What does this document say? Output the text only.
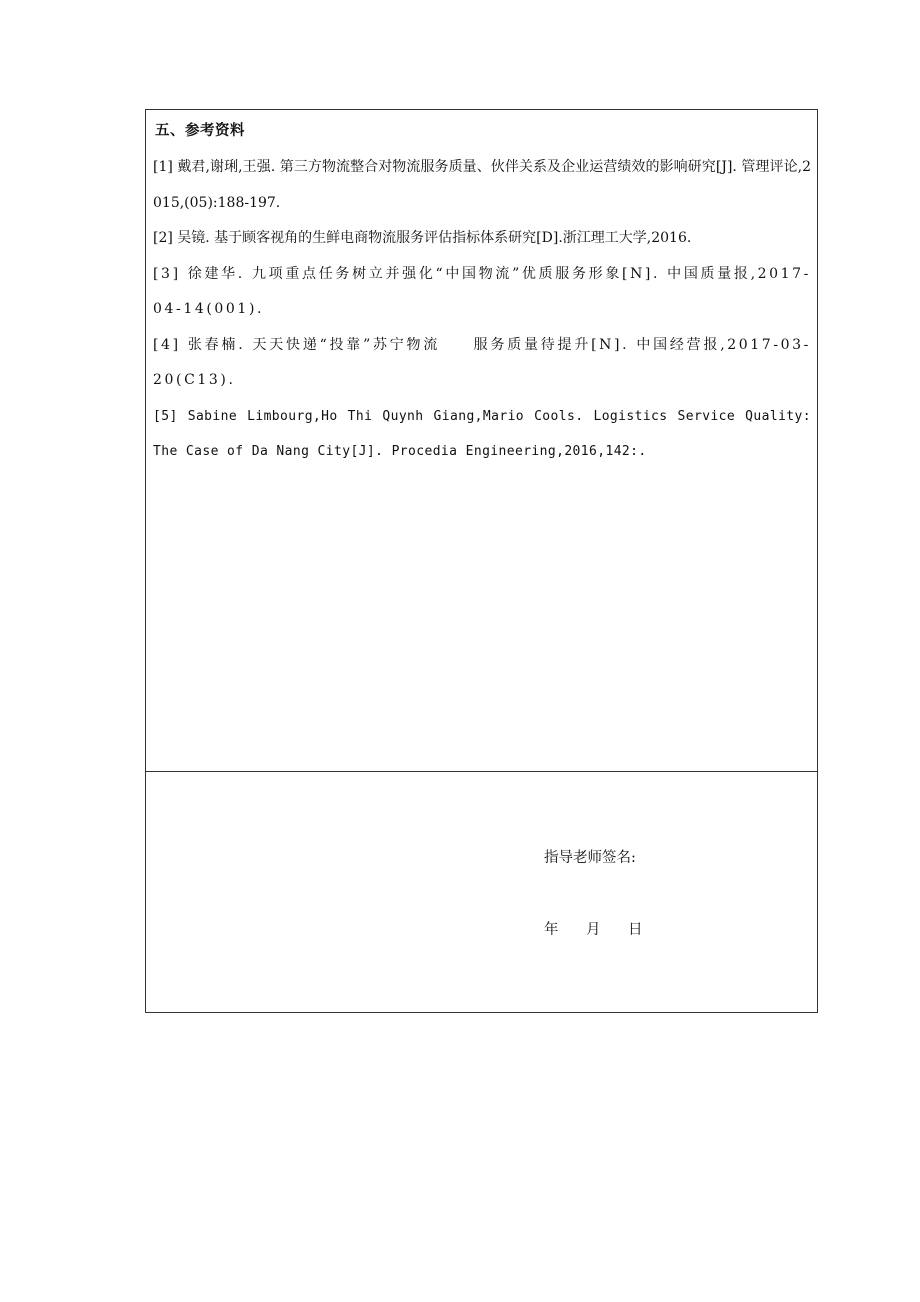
五、参考资料
[1] 戴君,谢琍,王强. 第三方物流整合对物流服务质量、伙伴关系及企业运营绩效的影响研究[J]. 管理评论,2015,(05):188-197.
[2] 吴镜. 基于顾客视角的生鲜电商物流服务评估指标体系研究[D].浙江理工大学,2016.
[3] 徐建华. 九项重点任务树立并强化“中国物流”优质服务形象[N]. 中国质量报,2017-04-14(001).
[4] 张春楠. 天天快递“投靠”苏宁物流　　服务质量待提升[N]. 中国经营报,2017-03-20(C13).
[5] Sabine Limbourg,Ho Thi Quynh Giang,Mario Cools. Logistics Service Quality: The Case of Da Nang City[J]. Procedia Engineering,2016,142:.
指导老师签名:
年 月 日
